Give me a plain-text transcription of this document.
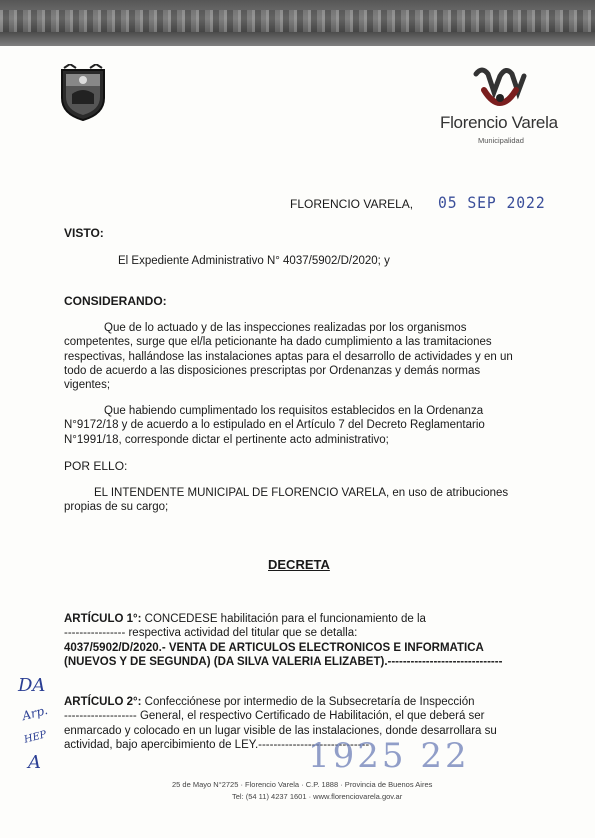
Florencio Varela
Municipalidad
FLORENCIO VARELA, 05 SEP 2022
VISTO:
El Expediente Administrativo N° 4037/5902/D/2020; y
CONSIDERANDO:
Que de lo actuado y de las inspecciones realizadas por los organismos
competentes, surge que el/la peticionante ha dado cumplimiento a las tramitaciones
respectivas, hallándose las instalaciones aptas para el desarrollo de actividades y en un
todo de acuerdo a las disposiciones prescriptas por Ordenanzas y demás normas
vigentes;
Que habiendo cumplimentado los requisitos establecidos en la Ordenanza
N°9172/18 y de acuerdo a lo estipulado en el Artículo 7 del Decreto Reglamentario
N°1991/18, corresponde dictar el pertinente acto administrativo;
POR ELLO:
EL INTENDENTE MUNICIPAL DE FLORENCIO VARELA, en uso de atribuciones
propias de su cargo;
DECRETA
ARTÍCULO 1°: CONCEDESE habilitación para el funcionamiento de la
---------------- respectiva actividad del titular que se detalla:
4037/5902/D/2020.- VENTA DE ARTICULOS ELECTRONICOS E INFORMATICA
(NUEVOS Y DE SEGUNDA) (DA SILVA VALERIA ELIZABET).------------------------------
ARTÍCULO 2°: Confecciónese por intermedio de la Subsecretaría de Inspección
------------------- General, el respectivo Certificado de Habilitación, el que deberá ser
enmarcado y colocado en un lugar visible de las instalaciones, donde desarrollara su
actividad, bajo apercibimiento de LEY.-----------------------------
DA
Arp.
HEP
A	1925 22
25 de Mayo N°2725 · Florencio Varela · C.P. 1888 · Provincia de Buenos Aires
Tel: (54 11) 4237 1601 · www.florenciovarela.gov.ar
